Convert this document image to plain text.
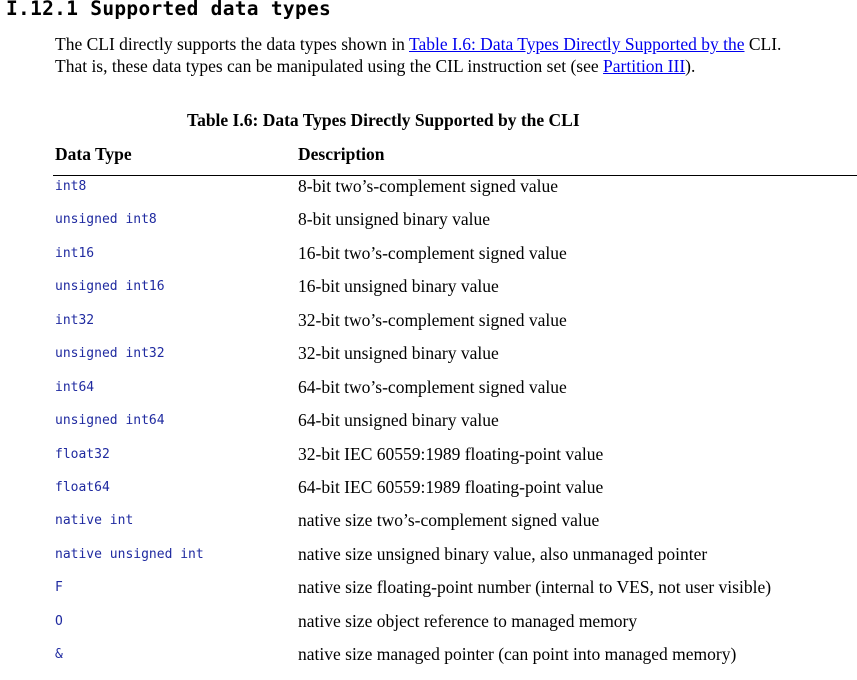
I.12.1 Supported data types
The CLI directly supports the data types shown in Table I.6: Data Types Directly Supported by the CLI. That is, these data types can be manipulated using the CIL instruction set (see Partition III).
Table I.6: Data Types Directly Supported by the CLI
Data Type	Description
int8	8-bit two’s-complement signed value
unsigned int8	8-bit unsigned binary value
int16	16-bit two’s-complement signed value
unsigned int16	16-bit unsigned binary value
int32	32-bit two’s-complement signed value
unsigned int32	32-bit unsigned binary value
int64	64-bit two’s-complement signed value
unsigned int64	64-bit unsigned binary value
float32	32-bit IEC 60559:1989 floating-point value
float64	64-bit IEC 60559:1989 floating-point value
native int	native size two’s-complement signed value
native unsigned int	native size unsigned binary value, also unmanaged pointer
F	native size floating-point number (internal to VES, not user visible)
O	native size object reference to managed memory
&	native size managed pointer (can point into managed memory)
